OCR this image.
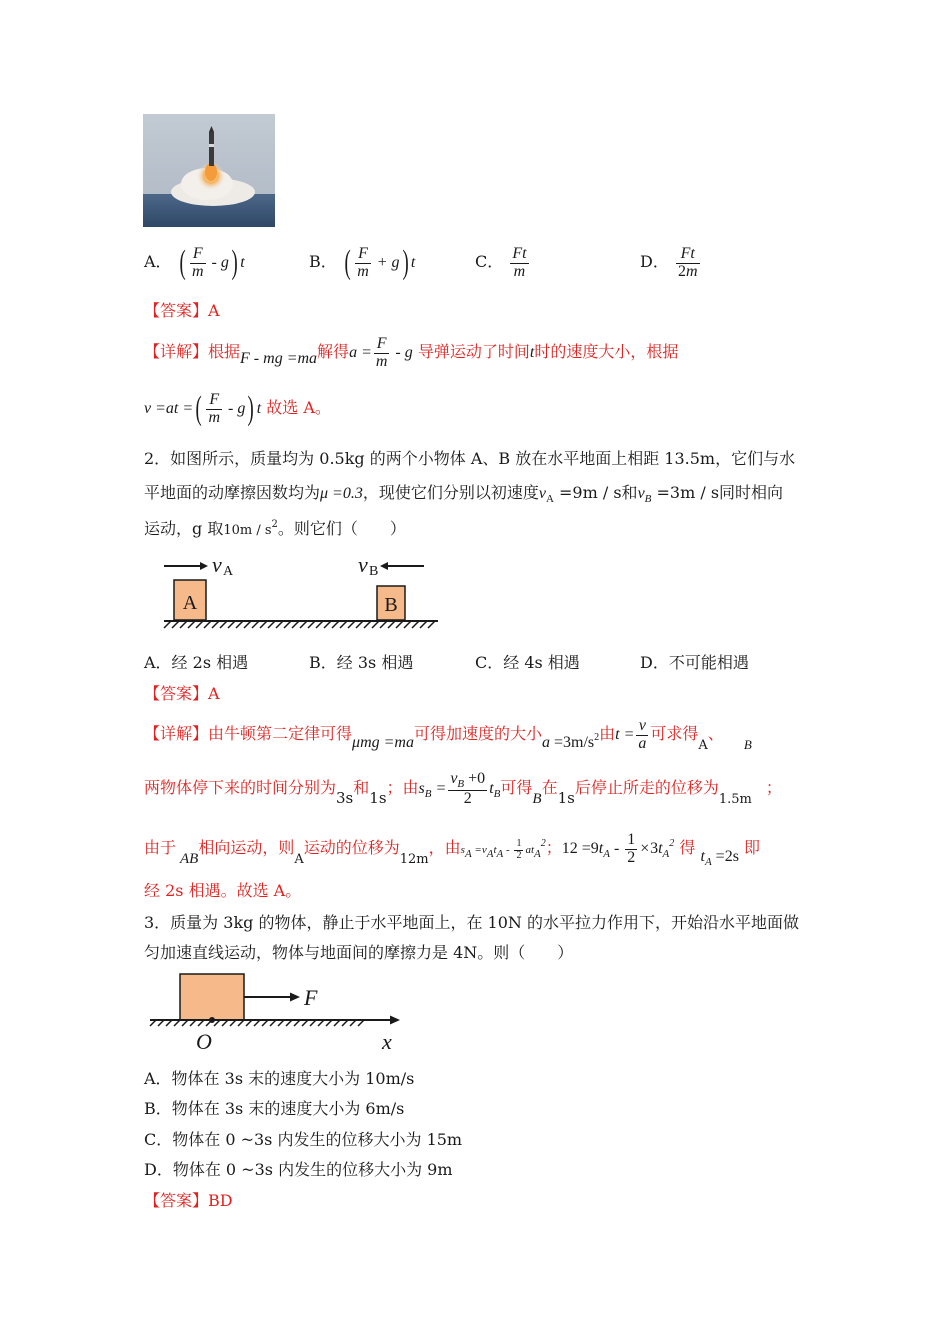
A． ( $\frac{F}{m} - g$) t	B． ( $\frac{F}{m} + g$) t	C． $\frac{Ft}{m}$	D． $\frac{Ft}{2m}$
【答案】A
【详解】根据F - mg =ma解得$a = \frac{F}{m} - g$ 导弹运动了时间t时的速度大小，根据
v =at =( $\frac{F}{m} - g$) t 故选 A。
2．如图所示，质量均为 0.5kg 的两个小物体 A、B 放在水平地面上相距 13.5m，它们与水
平地面的动摩擦因数均为μ =0.3，现使它们分别以初速度$v_A =9m / s$和$v_B =3m / s$同时相向
运动，g 取$10m / s^2$。则它们（　　）
v A	v B
A	B
A．经 2s 相遇	B．经 3s 相遇	C．经 4s 相遇	D．不可能相遇
【答案】A
【详解】由牛顿第二定律可得μmg =ma可得加速度的大小$a =3m/s^2$由$t = \frac{v}{a}$ 可求得$_A$、$_B$
两物体停下来的时间分别为3s和1s；由$s_B = \frac{v_B +0}{2} t_B$可得B在1s后停止所走的位移为$_{1.5m}$；
由于AB相向运动，则$_A$运动的位移为$_{12m}$，由sA =vAtA - $\frac{1}{2} atA2$；$12 =9t_A - \frac{1}{2} \times 3t_A^2$ 得 $t_A =2s$ 即
经 2s 相遇。故选 A。
3．质量为 3kg 的物体，静止于水平地面上，在 10N 的水平拉力作用下，开始沿水平地面做
匀加速直线运动，物体与地面间的摩擦力是 4N。则（　　）
F
O	x
A．物体在 3s 末的速度大小为 10m/s
B．物体在 3s 末的速度大小为 6m/s
C．物体在 0 ~3s 内发生的位移大小为 15m
D．物体在 0 ~3s 内发生的位移大小为 9m
【答案】BD
